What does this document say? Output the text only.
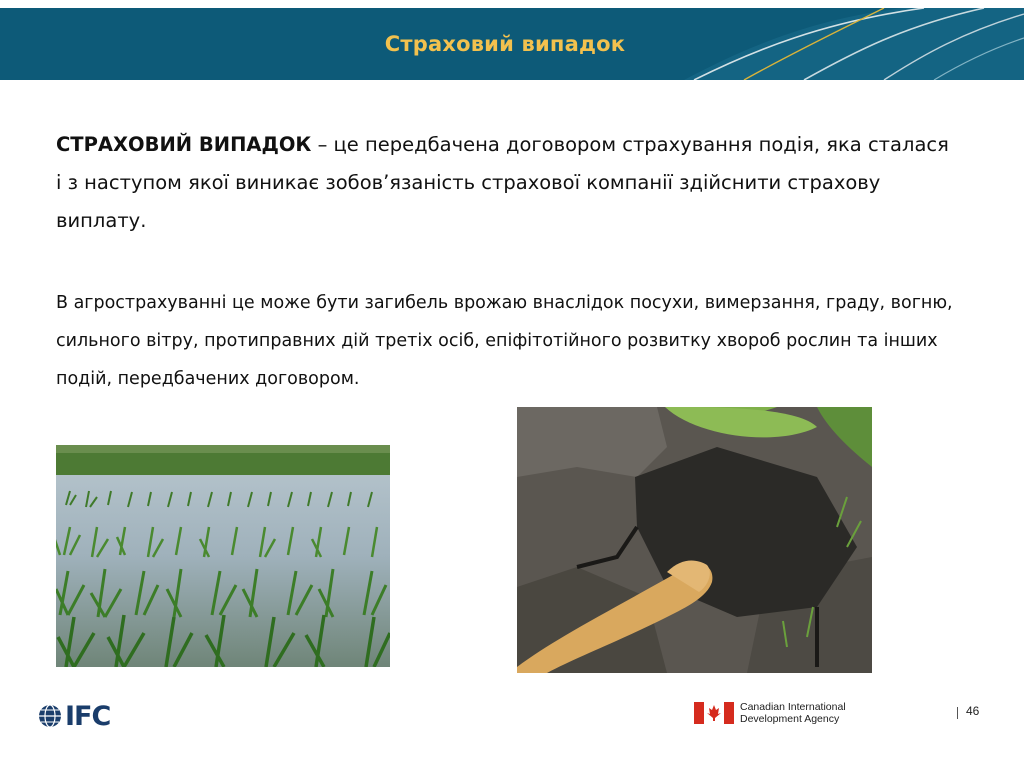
Страховий випадок
СТРАХОВИЙ ВИПАДОК – це передбачена договором страхування подія, яка сталася і з наступом якої виникає зобов’язаність страхової компанії здійснити страхову виплату.
В агрострахуванні це може бути загибель врожаю внаслідок посухи, вимерзання, граду, вогню, сильного вітру, протиправних дій третіх осіб, епіфітотійного розвитку хвороб рослин та інших подій, передбачених договором.
IFC	Canadian International
Development Agency
46
